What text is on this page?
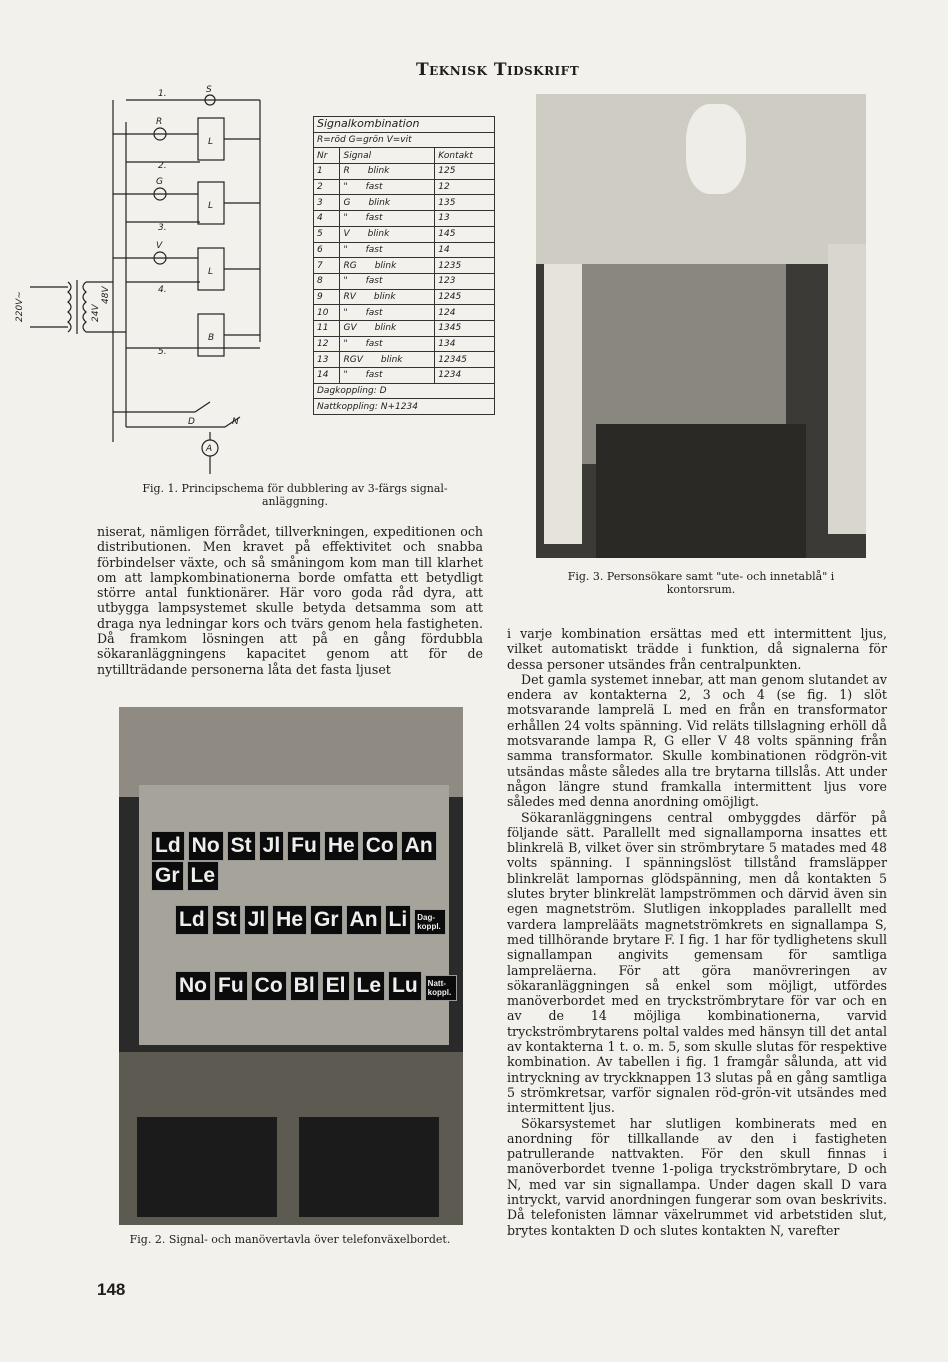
Teknisk Tidskrift
S
R
G
V
1.
2.
3.
4.
5.
L
L
L
B
D	N
A
220V~	24V
48V
Signalkombination		
R=röd G=grön V=vit		
Nr	Signal	Kontakt
1	R blink	125
2	" fast	12
3	G blink	135
4	" fast	13
5	V blink	145
6	" fast	14
7	RG blink	1235
8	" fast	123
9	RV blink	1245
10	" fast	124
11	GV blink	1345
12	" fast	134
13	RGV blink	12345
14	" fast	1234
Dagkoppling: D		
Nattkoppling: N+1234		
Fig. 1. Principschema för dubblering av 3-färgs signal-anläggning.

niserat, nämligen förrådet, tillverkningen, expeditionen och distributionen. Men kravet på effektivitet och snabba förbindelser växte, och så småningom kom man till klarhet om att lampkombinationerna borde omfatta ett betydligt större antal funktionärer. Här voro goda råd dyra, att utbygga lampsystemet skulle betyda detsamma som att draga nya ledningar kors och tvärs genom hela fastigheten. Då framkom lösningen att på en gång fördubbla sökaranläggningens kapacitet genom att för de nytillträdande personerna låta det fasta ljuset

Ld No St Jl Fu He Co AnGr Le
Ld St Jl He Gr An Li Dag-koppl.
No Fu Co Bl El Le Lu Natt-koppl.
Fig. 2. Signal- och manövertavla över telefonväxelbordet.
Fig. 3. Personsökare samt "ute- och innetablå" i kontorsrum.

i varje kombination ersättas med ett intermittent ljus, vilket automatiskt trädde i funktion, då signalerna för dessa personer utsändes från centralpunkten.

Det gamla systemet innebar, att man genom slutandet av endera av kontakterna 2, 3 och 4 (se fig. 1) slöt motsvarande lamprelä L med en från en transformator erhållen 24 volts spänning. Vid reläts tillslagning erhöll då motsvarande lampa R, G eller V 48 volts spänning från samma transformator. Skulle kombinationen rödgrön-vit utsändas måste således alla tre brytarna tillslås. Att under någon längre stund framkalla intermittent ljus vore således med denna anordning omöjligt.

Sökaranläggningens central ombyggdes därför på följande sätt. Parallellt med signallamporna insattes ett blinkrelä B, vilket över sin strömbrytare 5 matades med 48 volts spänning. I spänningslöst tillstånd framsläpper blinkrelät lampornas glödspänning, men då kontakten 5 slutes bryter blinkrelät lampströmmen och därvid även sin egen magnetström. Slutligen inkopplades parallellt med vardera lamprelääts magnetströmkrets en signallampa S, med tillhörande brytare F. I fig. 1 har för tydlighetens skull signallampan angivits gemensam för samtliga lampreläerna. För att göra manövreringen av sökaranläggningen så enkel som möjligt, utfördes manöverbordet med en tryckströmbrytare för var och en av de 14 möjliga kombinationerna, varvid tryckströmbrytarens poltal valdes med hänsyn till det antal av kontakterna 1 t. o. m. 5, som skulle slutas för respektive kombination. Av tabellen i fig. 1 framgår sålunda, att vid intryckning av tryckknappen 13 slutas på en gång samtliga 5 strömkretsar, varför signalen röd-grön-vit utsändes med intermittent ljus.

Sökarsystemet har slutligen kombinerats med en anordning för tillkallande av den i fastigheten patrullerande nattvakten. För den skull finnas i manöverbordet tvenne 1-poliga tryckströmbrytare, D och N, med var sin signallampa. Under dagen skall D vara intryckt, varvid anordningen fungerar som ovan beskrivits. Då telefonisten lämnar växelrummet vid arbetstiden slut, brytes kontakten D och slutes kontakten N, varefter

148
